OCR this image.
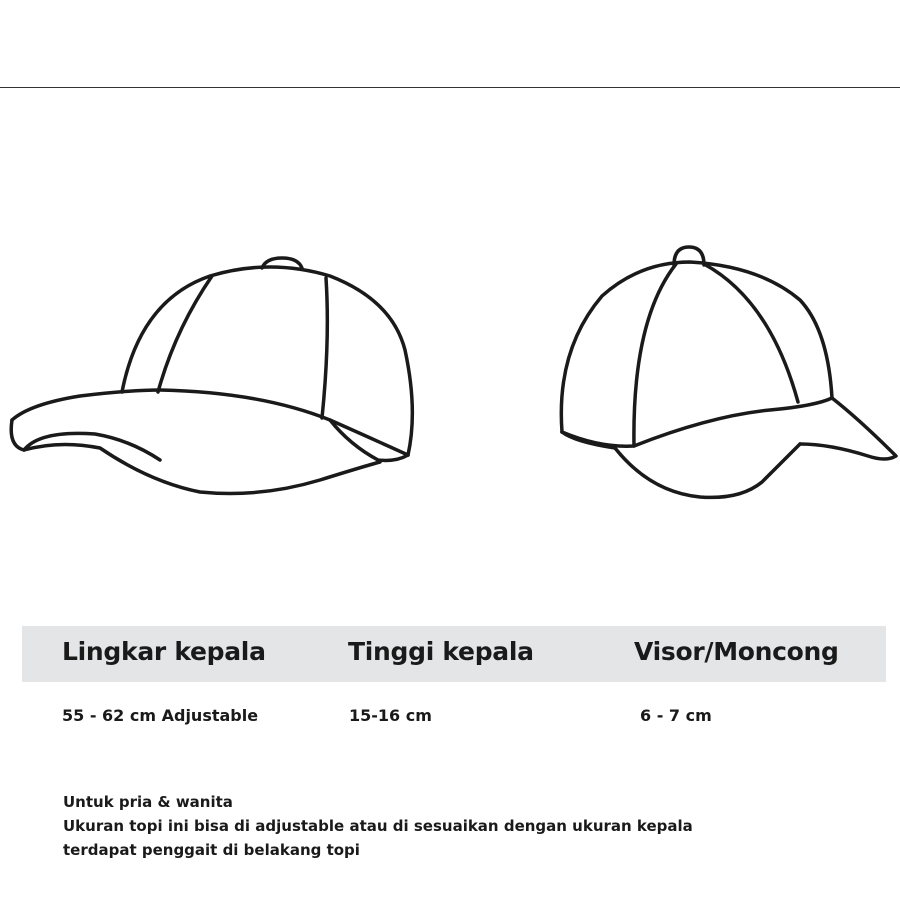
Lingkar kepala	Tinggi kepala	Visor/Moncong
55 - 62 cm Adjustable	15-16 cm	6 - 7 cm
Untuk pria & wanita
Ukuran topi ini bisa di adjustable atau di sesuaikan dengan ukuran kepala
terdapat penggait di belakang topi
